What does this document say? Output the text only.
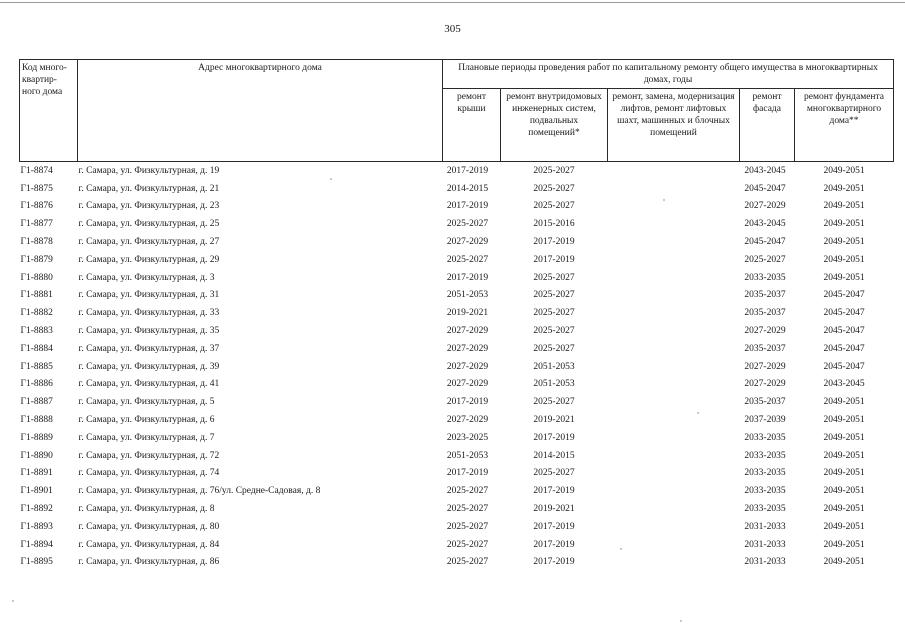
305
Код много-квартир-ного дома	Адрес многоквартирного дома	Плановые периоды проведения работ по капитальному ремонту общего имущества в многоквартирных домах, годы				
		ремонт крыши	ремонт внутридомовых инженерных систем, подвальных помещений*	ремонт, замена, модернизация лифтов, ремонт лифтовых шахт, машинных и блочных помещений	ремонт фасада	ремонт фундамента многоквартирного дома**
Г1-8874	г. Самара, ул. Физкультурная, д. 19	2017-2019	2025-2027		2043-2045	2049-2051
Г1-8875	г. Самара, ул. Физкультурная, д. 21	2014-2015	2025-2027		2045-2047	2049-2051
Г1-8876	г. Самара, ул. Физкультурная, д. 23	2017-2019	2025-2027		2027-2029	2049-2051
Г1-8877	г. Самара, ул. Физкультурная, д. 25	2025-2027	2015-2016		2043-2045	2049-2051
Г1-8878	г. Самара, ул. Физкультурная, д. 27	2027-2029	2017-2019		2045-2047	2049-2051
Г1-8879	г. Самара, ул. Физкультурная, д. 29	2025-2027	2017-2019		2025-2027	2049-2051
Г1-8880	г. Самара, ул. Физкультурная, д. 3	2017-2019	2025-2027		2033-2035	2049-2051
Г1-8881	г. Самара, ул. Физкультурная, д. 31	2051-2053	2025-2027		2035-2037	2045-2047
Г1-8882	г. Самара, ул. Физкультурная, д. 33	2019-2021	2025-2027		2035-2037	2045-2047
Г1-8883	г. Самара, ул. Физкультурная, д. 35	2027-2029	2025-2027		2027-2029	2045-2047
Г1-8884	г. Самара, ул. Физкультурная, д. 37	2027-2029	2025-2027		2035-2037	2045-2047
Г1-8885	г. Самара, ул. Физкультурная, д. 39	2027-2029	2051-2053		2027-2029	2045-2047
Г1-8886	г. Самара, ул. Физкультурная, д. 41	2027-2029	2051-2053		2027-2029	2043-2045
Г1-8887	г. Самара, ул. Физкультурная, д. 5	2017-2019	2025-2027		2035-2037	2049-2051
Г1-8888	г. Самара, ул. Физкультурная, д. 6	2027-2029	2019-2021		2037-2039	2049-2051
Г1-8889	г. Самара, ул. Физкультурная, д. 7	2023-2025	2017-2019		2033-2035	2049-2051
Г1-8890	г. Самара, ул. Физкультурная, д. 72	2051-2053	2014-2015		2033-2035	2049-2051
Г1-8891	г. Самара, ул. Физкультурная, д. 74	2017-2019	2025-2027		2033-2035	2049-2051
Г1-8901	г. Самара, ул. Физкультурная, д. 76/ул. Средне-Садовая, д. 8	2025-2027	2017-2019		2033-2035	2049-2051
Г1-8892	г. Самара, ул. Физкультурная, д. 8	2025-2027	2019-2021		2033-2035	2049-2051
Г1-8893	г. Самара, ул. Физкультурная, д. 80	2025-2027	2017-2019		2031-2033	2049-2051
Г1-8894	г. Самара, ул. Физкультурная, д. 84	2025-2027	2017-2019		2031-2033	2049-2051
Г1-8895	г. Самара, ул. Физкультурная, д. 86	2025-2027	2017-2019		2031-2033	2049-2051
